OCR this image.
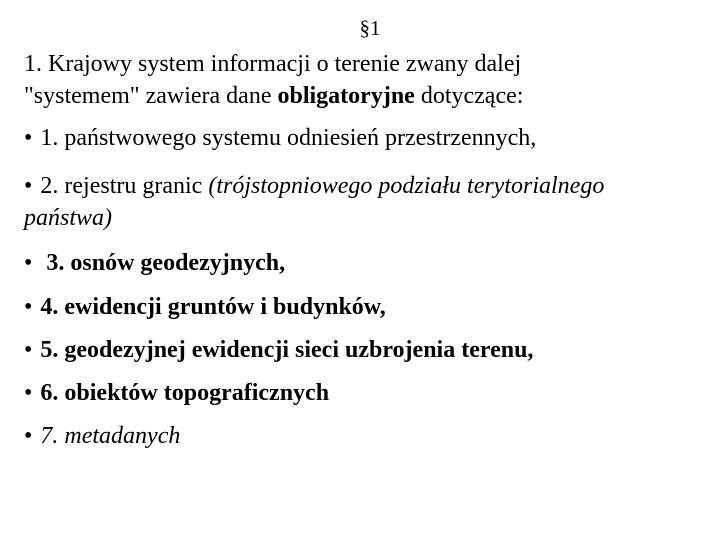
§1
1. Krajowy system informacji o terenie zwany dalej
"systemem" zawiera dane obligatoryjne dotyczące:
• 1. państwowego systemu odniesień przestrzennych,
• 2. rejestru granic (trójstopniowego podziału terytorialnego
państwa)
• 3. osnów geodezyjnych,
• 4. ewidencji gruntów i budynków,
• 5. geodezyjnej ewidencji sieci uzbrojenia terenu,
• 6. obiektów topograficznych
• 7. metadanych
